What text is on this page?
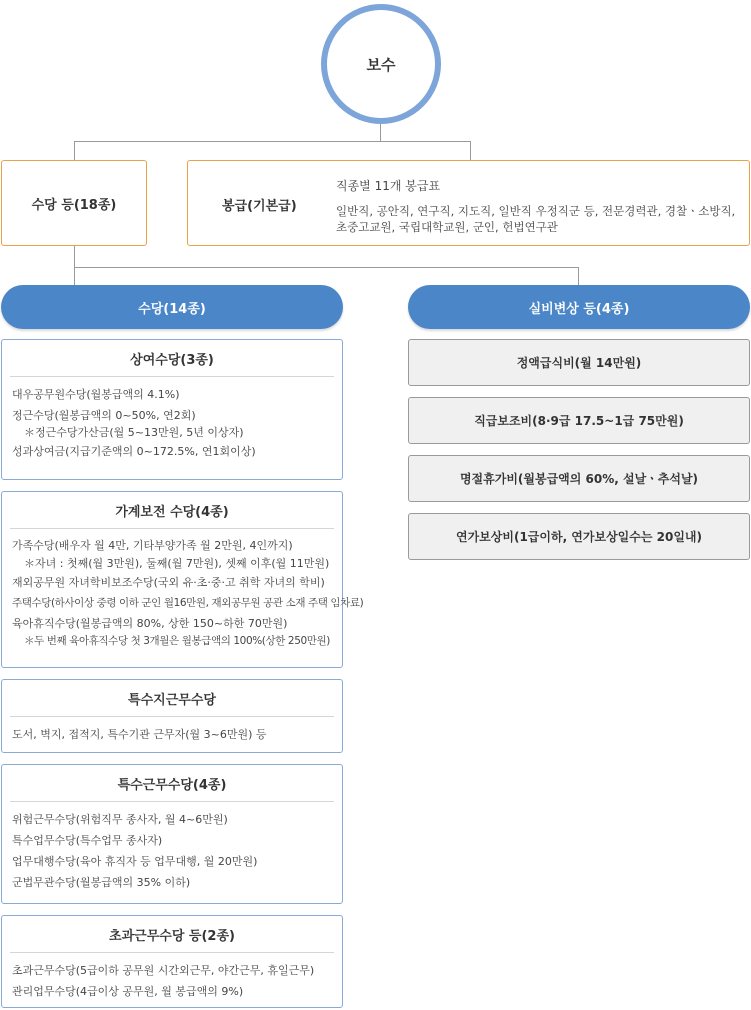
보수
수당 등(18종)	봉급(기본급)
직종별 11개 봉급표
일반직, 공안직, 연구직, 지도직, 일반직 우정직군 등, 전문경력관, 경찰ㆍ소방직, 초중고교원, 국립대학교원, 군인, 헌법연구관
수당(14종)	실비변상 등(4종)
상여수당(3종)
대우공무원수당(월봉급액의 4.1%)
정근수당(월봉급액의 0~50%, 연2회)
＊정근수당가산금(월 5~13만원, 5년 이상자)
성과상여금(지급기준액의 0~172.5%, 연1회이상)
가계보전 수당(4종)
가족수당(배우자 월 4만, 기타부양가족 월 2만원, 4인까지)
＊자녀 : 첫째(월 3만원), 둘째(월 7만원), 셋째 이후(월 11만원)
재외공무원 자녀학비보조수당(국외 유·초·중·고 취학 자녀의 학비)
주택수당(하사이상 중령 이하 군인 월16만원, 재외공무원 공관 소재 주택 임차료)
육아휴직수당(월봉급액의 80%, 상한 150~하한 70만원)
＊두 번째 육아휴직수당 첫 3개월은 월봉급액의 100%(상한 250만원)
특수지근무수당
도서, 벽지, 접적지, 특수기관 근무자(월 3~6만원) 등
특수근무수당(4종)
위험근무수당(위험직무 종사자, 월 4~6만원)
특수업무수당(특수업무 종사자)
업무대행수당(육아 휴직자 등 업무대행, 월 20만원)
군법무관수당(월봉급액의 35% 이하)
초과근무수당 등(2종)
초과근무수당(5급이하 공무원 시간외근무, 야간근무, 휴일근무)
관리업무수당(4급이상 공무원, 월 봉급액의 9%)
정액급식비(월 14만원)
직급보조비(8·9급 17.5~1급 75만원)
명절휴가비(월봉급액의 60%, 설날ㆍ추석날)
연가보상비(1급이하, 연가보상일수는 20일내)
